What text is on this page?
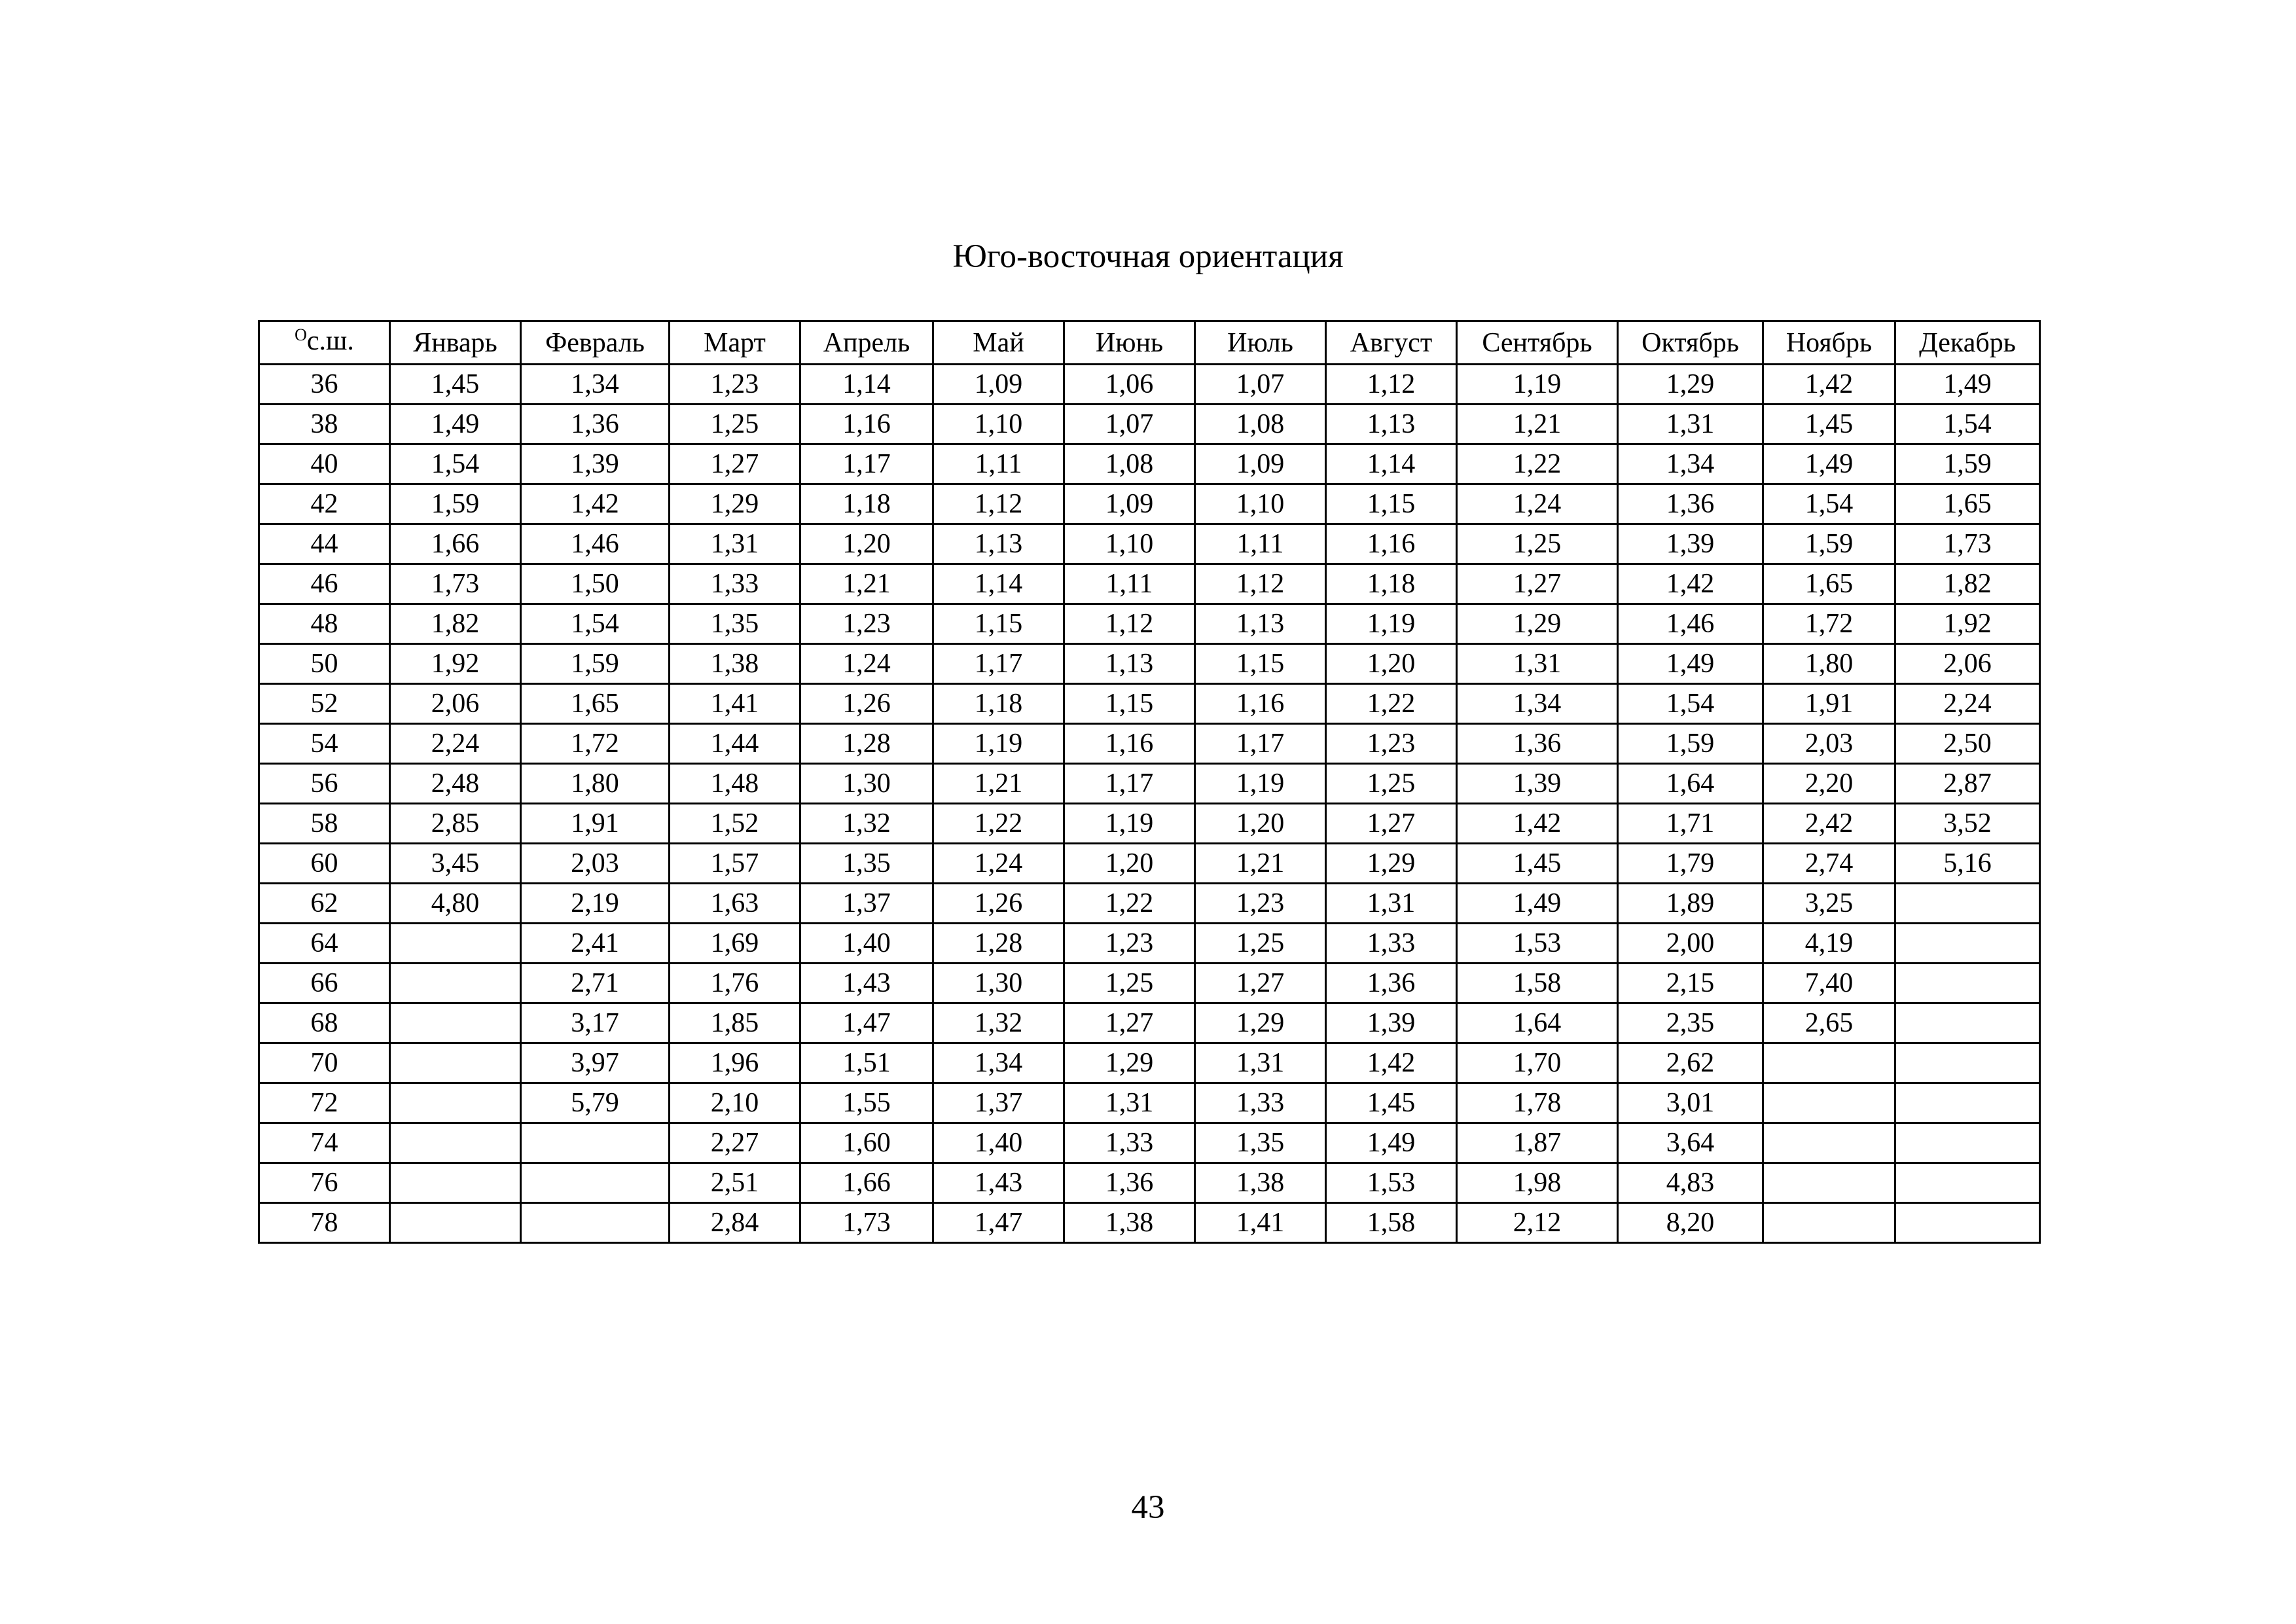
Юго-восточная ориентация
$^O$с.ш.	Январь	Февраль	Март	Апрель	Май	Июнь	Июль	Август	Сентябрь	Октябрь	Ноябрь	Декабрь
36	1,45	1,34	1,23	1,14	1,09	1,06	1,07	1,12	1,19	1,29	1,42	1,49
38	1,49	1,36	1,25	1,16	1,10	1,07	1,08	1,13	1,21	1,31	1,45	1,54
40	1,54	1,39	1,27	1,17	1,11	1,08	1,09	1,14	1,22	1,34	1,49	1,59
42	1,59	1,42	1,29	1,18	1,12	1,09	1,10	1,15	1,24	1,36	1,54	1,65
44	1,66	1,46	1,31	1,20	1,13	1,10	1,11	1,16	1,25	1,39	1,59	1,73
46	1,73	1,50	1,33	1,21	1,14	1,11	1,12	1,18	1,27	1,42	1,65	1,82
48	1,82	1,54	1,35	1,23	1,15	1,12	1,13	1,19	1,29	1,46	1,72	1,92
50	1,92	1,59	1,38	1,24	1,17	1,13	1,15	1,20	1,31	1,49	1,80	2,06
52	2,06	1,65	1,41	1,26	1,18	1,15	1,16	1,22	1,34	1,54	1,91	2,24
54	2,24	1,72	1,44	1,28	1,19	1,16	1,17	1,23	1,36	1,59	2,03	2,50
56	2,48	1,80	1,48	1,30	1,21	1,17	1,19	1,25	1,39	1,64	2,20	2,87
58	2,85	1,91	1,52	1,32	1,22	1,19	1,20	1,27	1,42	1,71	2,42	3,52
60	3,45	2,03	1,57	1,35	1,24	1,20	1,21	1,29	1,45	1,79	2,74	5,16
62	4,80	2,19	1,63	1,37	1,26	1,22	1,23	1,31	1,49	1,89	3,25	
64		2,41	1,69	1,40	1,28	1,23	1,25	1,33	1,53	2,00	4,19	
66		2,71	1,76	1,43	1,30	1,25	1,27	1,36	1,58	2,15	7,40	
68		3,17	1,85	1,47	1,32	1,27	1,29	1,39	1,64	2,35	2,65	
70		3,97	1,96	1,51	1,34	1,29	1,31	1,42	1,70	2,62		
72		5,79	2,10	1,55	1,37	1,31	1,33	1,45	1,78	3,01		
74			2,27	1,60	1,40	1,33	1,35	1,49	1,87	3,64		
76			2,51	1,66	1,43	1,36	1,38	1,53	1,98	4,83		
78			2,84	1,73	1,47	1,38	1,41	1,58	2,12	8,20		
43
